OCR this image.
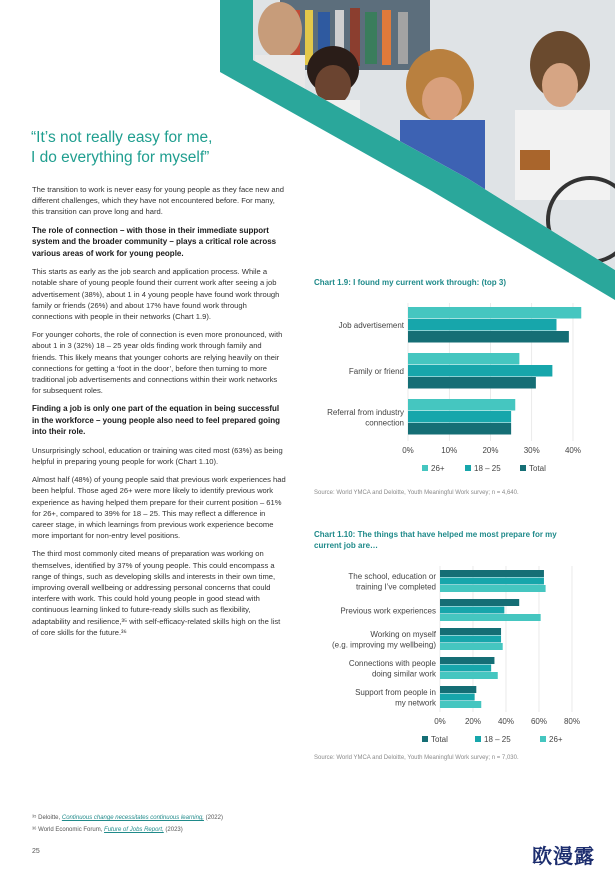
“It’s not really easy for me,
I do everything for myself”

The transition to work is never easy for young people as they face new and different challenges, which they have not encountered before. For many, this transition can prove long and hard.

The role of connection – with those in their immediate support system and the broader community – plays a critical role across various areas of work for young people.

This starts as early as the job search and application process. While a notable share of young people found their current work after seeing a job advertisement (38%), about 1 in 4 young people have found work through family or friends (26%) and about 17% have found work through connections with people in their networks (Chart 1.9).

For younger cohorts, the role of connection is even more pronounced, with about 1 in 3 (32%) 18 – 25 year olds finding work through family and friends. This likely means that younger cohorts are relying heavily on their connections for getting a ‘foot in the door’, before then turning to more traditional job advertisements and connections within their work networks for subsequent roles.

Finding a job is only one part of the equation in being successful in the workforce – young people also need to feel prepared going into their role.

Unsurprisingly school, education or training was cited most (63%) as being helpful in preparing young people for work (Chart 1.10).

Almost half (48%) of young people said that previous work experiences had been helpful. Those aged 26+ were more likely to identify previous work experience as having helped them prepare for their current position – 61% for 26+, compared to 39% for 18 – 25. This may reflect a difference in career stage, in which learnings from previous work experience become more important for non-entry level positions.

The third most commonly cited means of preparation was working on themselves, identified by 37% of young people. This could encompass a range of things, such as developing skills and interests in their own time, improving overall wellbeing or addressing personal concerns that could interfere with work. This could hold young people in good stead with continuous learning linked to future-ready skills such as flexibility, adaptability and resilience,³⁵ with self-efficacy-related skills high on the list of core skills for the future.³⁶

Chart 1.9: I found my current work through: (top 3)
0%	10%	20%	30%	40%
Job advertisement
Family or friend
Referral from industry
connection
26+	18 – 25	Total
Source: World YMCA and Deloitte, Youth Meaningful Work survey; n = 4,640.
Chart 1.10: The things that have helped me most prepare for my current job are…
0% 20% 40% 60% 80%
The school, education or
training I’ve completed
Previous work experiences
Working on myself
(e.g. improving my wellbeing)
Connections with people
doing similar work
Support from people in
my network
Total	18 – 25	26+
Source: World YMCA and Deloitte, Youth Meaningful Work survey; n = 7,030.
³⁵ Deloitte, Continuous change necessitates continuous learning, (2022)
³⁶ World Economic Forum, Future of Jobs Report, (2023)
25	欧漫露
